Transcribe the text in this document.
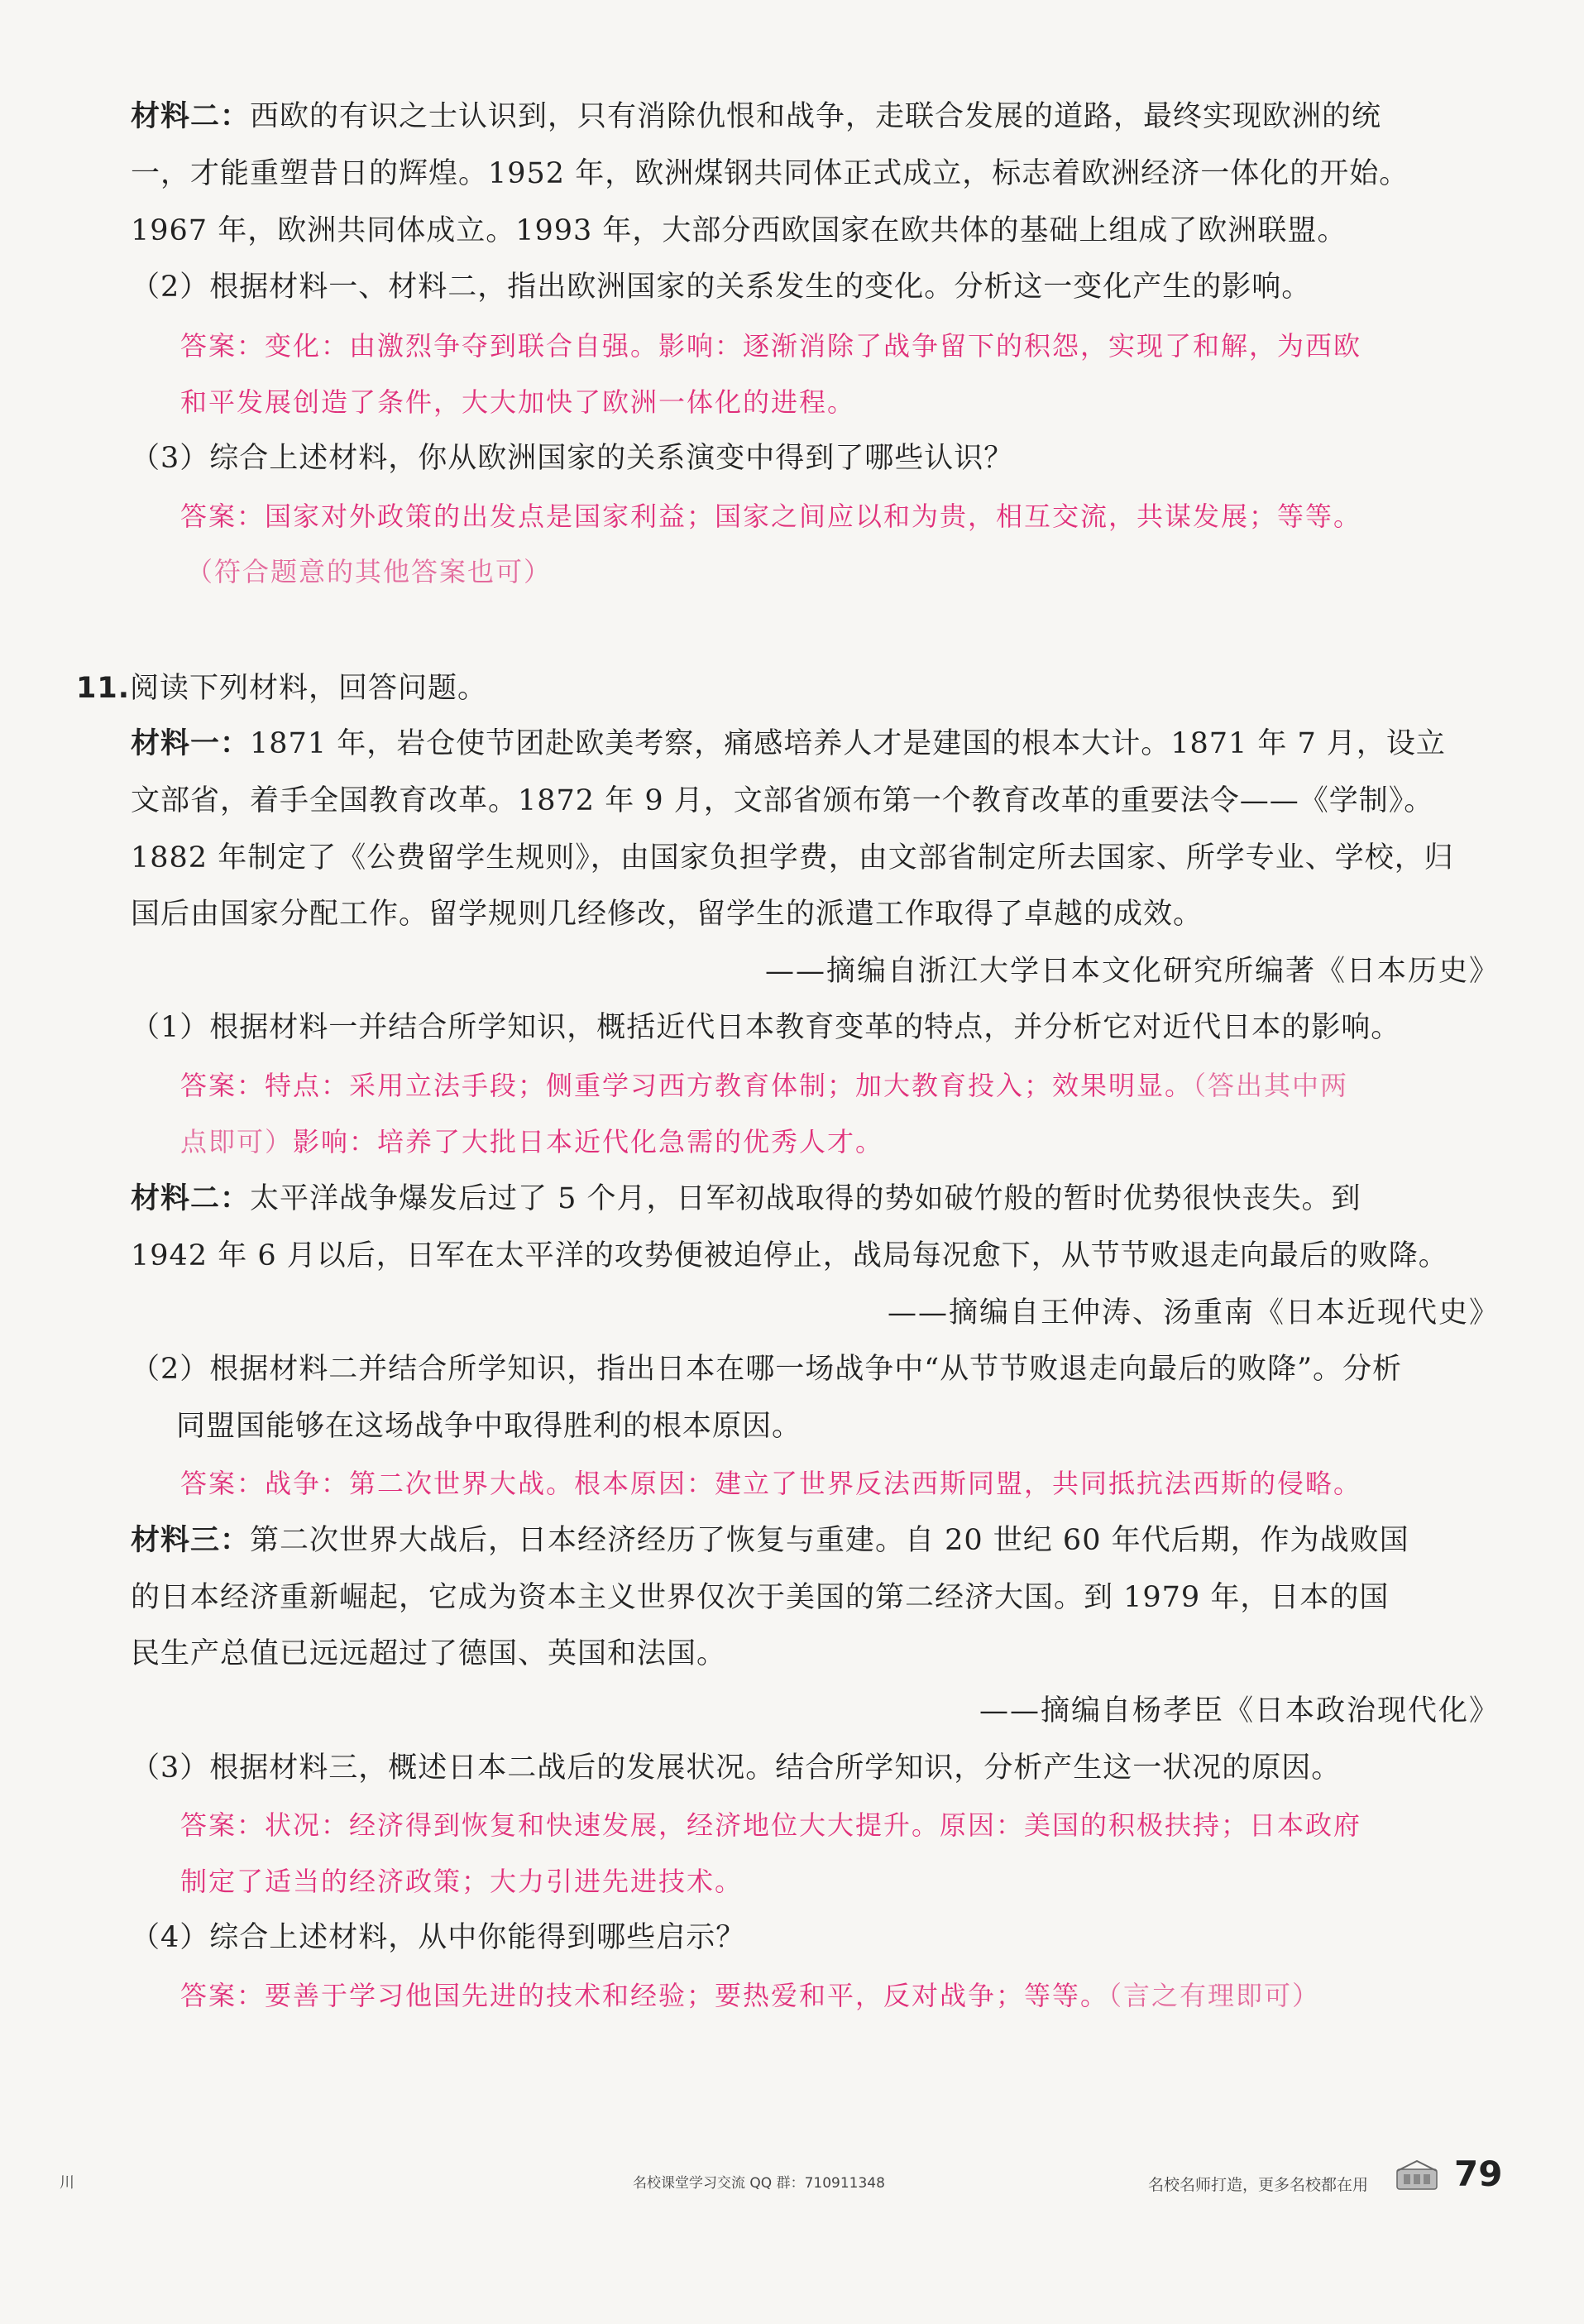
材料二：西欧的有识之士认识到，只有消除仇恨和战争，走联合发展的道路，最终实现欧洲的统
一，才能重塑昔日的辉煌。1952 年，欧洲煤钢共同体正式成立，标志着欧洲经济一体化的开始。
1967 年，欧洲共同体成立。1993 年，大部分西欧国家在欧共体的基础上组成了欧洲联盟。
（2）根据材料一、材料二，指出欧洲国家的关系发生的变化。分析这一变化产生的影响。
答案：变化：由激烈争夺到联合自强。影响：逐渐消除了战争留下的积怨，实现了和解，为西欧
和平发展创造了条件，大大加快了欧洲一体化的进程。
（3）综合上述材料，你从欧洲国家的关系演变中得到了哪些认识？
答案：国家对外政策的出发点是国家利益；国家之间应以和为贵，相互交流，共谋发展；等等。
（符合题意的其他答案也可）
11.阅读下列材料，回答问题。
材料一：1871 年，岩仓使节团赴欧美考察，痛感培养人才是建国的根本大计。1871 年 7 月，设立
文部省，着手全国教育改革。1872 年 9 月，文部省颁布第一个教育改革的重要法令——《学制》。
1882 年制定了《公费留学生规则》，由国家负担学费，由文部省制定所去国家、所学专业、学校，归
国后由国家分配工作。留学规则几经修改，留学生的派遣工作取得了卓越的成效。
——摘编自浙江大学日本文化研究所编著《日本历史》
（1）根据材料一并结合所学知识，概括近代日本教育变革的特点，并分析它对近代日本的影响。
答案：特点：采用立法手段；侧重学习西方教育体制；加大教育投入；效果明显。（答出其中两
点即可）影响：培养了大批日本近代化急需的优秀人才。
材料二：太平洋战争爆发后过了 5 个月，日军初战取得的势如破竹般的暂时优势很快丧失。到
1942 年 6 月以后，日军在太平洋的攻势便被迫停止，战局每况愈下，从节节败退走向最后的败降。
——摘编自王仲涛、汤重南《日本近现代史》
（2）根据材料二并结合所学知识，指出日本在哪一场战争中“从节节败退走向最后的败降”。分析
同盟国能够在这场战争中取得胜利的根本原因。
答案：战争：第二次世界大战。根本原因：建立了世界反法西斯同盟，共同抵抗法西斯的侵略。
材料三：第二次世界大战后，日本经济经历了恢复与重建。自 20 世纪 60 年代后期，作为战败国
的日本经济重新崛起，它成为资本主义世界仅次于美国的第二经济大国。到 1979 年，日本的国
民生产总值已远远超过了德国、英国和法国。
——摘编自杨孝臣《日本政治现代化》
（3）根据材料三，概述日本二战后的发展状况。结合所学知识，分析产生这一状况的原因。
答案：状况：经济得到恢复和快速发展，经济地位大大提升。原因：美国的积极扶持；日本政府
制定了适当的经济政策；大力引进先进技术。
（4）综合上述材料，从中你能得到哪些启示？
答案：要善于学习他国先进的技术和经验；要热爱和平，反对战争；等等。（言之有理即可）
川	名校课堂学习交流 QQ 群：710911348	名校名师打造，更多名校都在用 79
